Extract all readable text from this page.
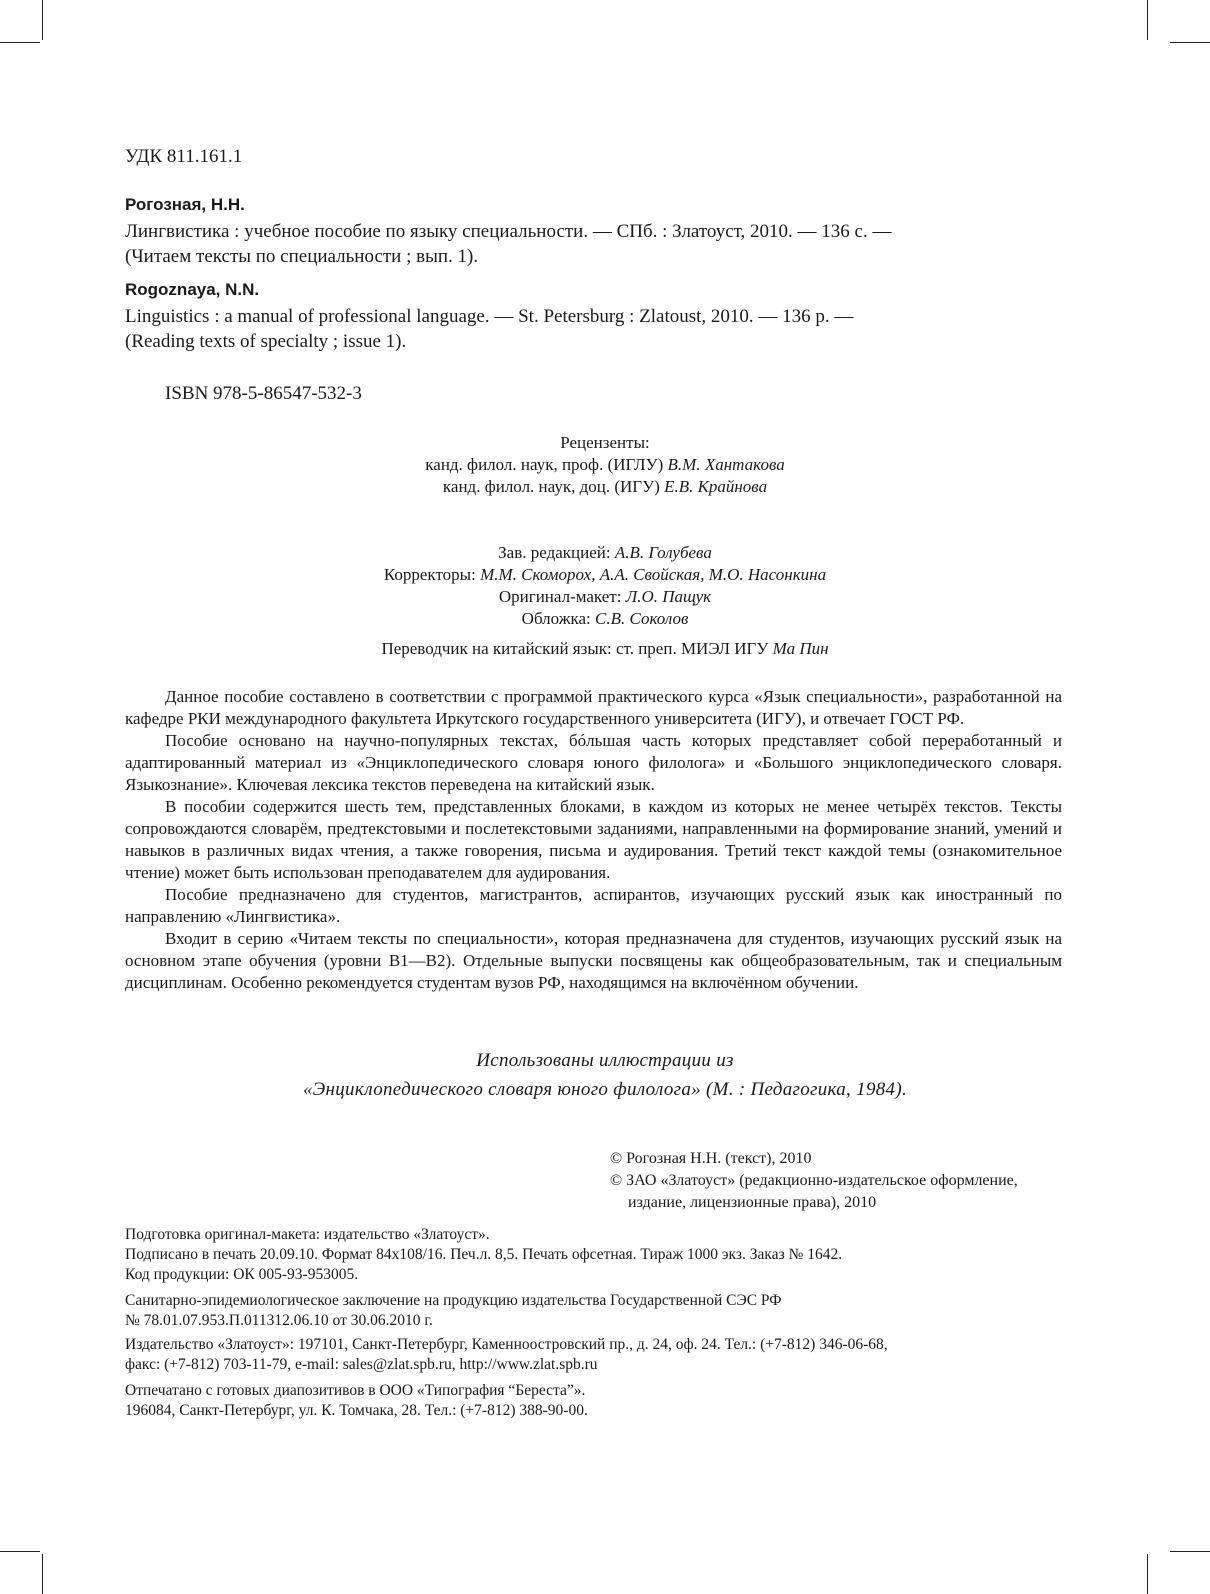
УДК 811.161.1
Рогозная, Н.Н.
Лингвистика : учебное пособие по языку специальности. — СПб. : Златоуст, 2010. — 136 с. —
(Читаем тексты по специальности ; вып. 1).
Rogoznaya, N.N.
Linguistics : a manual of professional language. — St. Petersburg : Zlatoust, 2010. — 136 p. —
(Reading texts of specialty ; issue 1).
ISBN 978-5-86547-532-3
Рецензенты:
канд. филол. наук, проф. (ИГЛУ) В.М. Хантакова
канд. филол. наук, доц. (ИГУ) Е.В. Крайнова
Зав. редакцией: А.В. Голубева
Корректоры: М.М. Скоморох, А.А. Свойская, М.О. Насонкина
Оригинал-макет: Л.О. Пащук
Обложка: С.В. Соколов
Переводчик на китайский язык: ст. преп. МИЭЛ ИГУ Ма Пин

Данное пособие составлено в соответствии с программой практического курса «Язык специальности», разработанной на кафедре РКИ международного факультета Иркутского государственного университета (ИГУ), и отвечает ГОСТ РФ.

Пособие основано на научно-популярных текстах, бóльшая часть которых представляет собой переработанный и адаптированный материал из «Энциклопедического словаря юного филолога» и «Большого энциклопедического словаря. Языкознание». Ключевая лексика текстов переведена на китайский язык.

В пособии содержится шесть тем, представленных блоками, в каждом из которых не менее четырёх текстов. Тексты сопровождаются словарём, предтекстовыми и послетекстовыми заданиями, направленными на формирование знаний, умений и навыков в различных видах чтения, а также говорения, письма и аудирования. Третий текст каждой темы (ознакомительное чтение) может быть использован преподавателем для аудирования.

Пособие предназначено для студентов, магистрантов, аспирантов, изучающих русский язык как иностранный по направлению «Лингвистика».

Входит в серию «Читаем тексты по специальности», которая предназначена для студентов, изучающих русский язык на основном этапе обучения (уровни В1—В2). Отдельные выпуски посвящены как общеобразовательным, так и специальным дисциплинам. Особенно рекомендуется студентам вузов РФ, находящимся на включённом обучении.

Использованы иллюстрации из
«Энциклопедического словаря юного филолога» (М. : Педагогика, 1984).
© Рогозная Н.Н. (текст), 2010
© ЗАО «Златоуст» (редакционно-издательское оформление,
издание, лицензионные права), 2010
Подготовка оригинал-макета: издательство «Златоуст».
Подписано в печать 20.09.10. Формат 84х108/16. Печ.л. 8,5. Печать офсетная. Тираж 1000 экз. Заказ № 1642.
Код продукции: ОК 005-93-953005.
Санитарно-эпидемиологическое заключение на продукцию издательства Государственной СЭС РФ
№ 78.01.07.953.П.011312.06.10 от 30.06.2010 г.
Издательство «Златоуст»: 197101, Санкт-Петербург, Каменноостровский пр., д. 24, оф. 24. Тел.: (+7-812) 346-06-68,
факс: (+7-812) 703-11-79, e-mail: sales@zlat.spb.ru, http://www.zlat.spb.ru
Отпечатано с готовых диапозитивов в ООО «Типография “Береста”».
196084, Санкт-Петербург, ул. К. Томчака, 28. Тел.: (+7-812) 388-90-00.
